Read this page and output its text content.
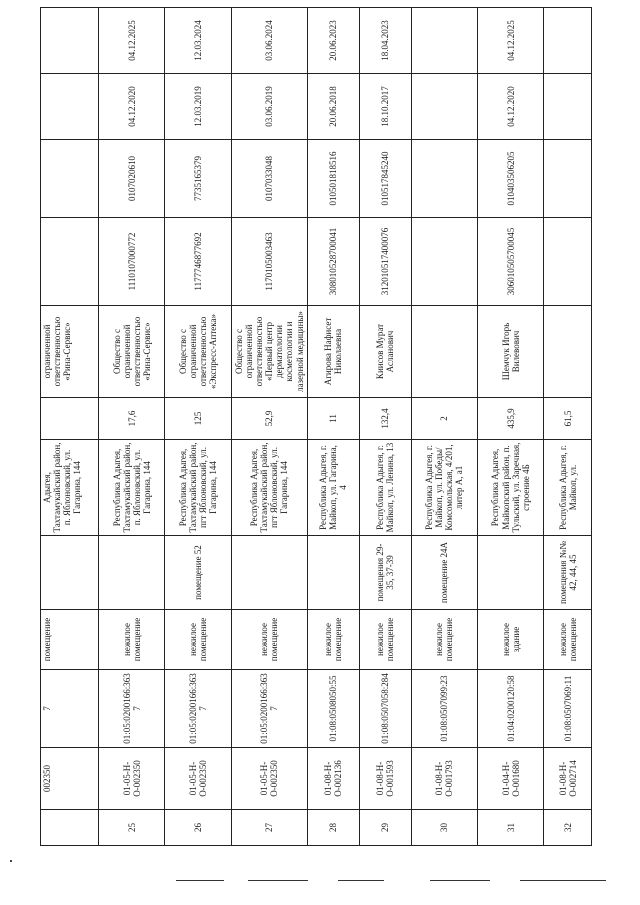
	002350	7	помещение		Адыгея, Тахтамукайский район, п. Яблоновский, ул. Гагарина, 144		ограниченной ответственностью «Рина-Сервис»				
25	01-05-Н-О-002350	01:05:0200166:3637	нежилое помещение		Республика Адыгея, Тахтамукайский район, п. Яблоновский, ул. Гагарина, 144	17,6	Общество с ограниченной ответственностью «Рина-Сервис»	1110107000772	0107020610	04.12.2020	04.12.2025
26	01-05-Н-О-002350	01:05:0200166:3637	нежилое помещение	помещение 52	Республика Адыгея, Тахтамукайский район, пгт Яблоновский, ул. Гагарина, 144	125	Общество с ограниченной ответственностью «Экспресс-Аптека»	1177746877692	7735165379	12.03.2019	12.03.2024
27	01-05-Н-О-002350	01:05:0200166:3637	нежилое помещение		Республика Адыгея, Тахтамукайский район, пгт Яблоновский, ул. Гагарина, 144	52,9	Общество с ограниченной ответственностью «Первый центр дерматологии косметологии и лазерной медицины»	1170105003463	0107033048	03.06.2019	03.06.2024
28	01-08-Н-О-002136	01:08:0508050:55	нежилое помещение		Республика Адыгея, г. Майкоп, ул. Гагарина, 4	11	Агирова Нафисет Николаевна	308010528700041	010501818516	20.06.2018	20.06.2023
29	01-08-Н-О-001593	01:08:0507058:284	нежилое помещение	помещения 29-35, 37-39	Республика Адыгея, г. Майкоп, ул. Ленина, 13	132,4	Киисов Мурат Асланович	312010517400076	010517845240	18.10.2017	18.04.2023
30	01-08-Н-О-001793	01:08:0507099:23	нежилое помещение	помещение 24А	Республика Адыгея, г. Майкоп, ул. Победы/Комсомольская, 4/201, литер А, а1	2					
31	01-04-Н-О-001680	01:04:0200120:58	нежилое здание		Республика Адыгея, Майкопский район, п. Тульский, ул. Заречная, строение 4Б	435,9	Шемчук Игорь Вилевович	306010505700045	010403506205	04.12.2020	04.12.2025
32	01-08-Н-О-002714	01:08:0507069:11	нежилое помещение	помещения №№ 42, 44, 45	Республика Адыгея, г. Майкоп, ул.	61,5					
